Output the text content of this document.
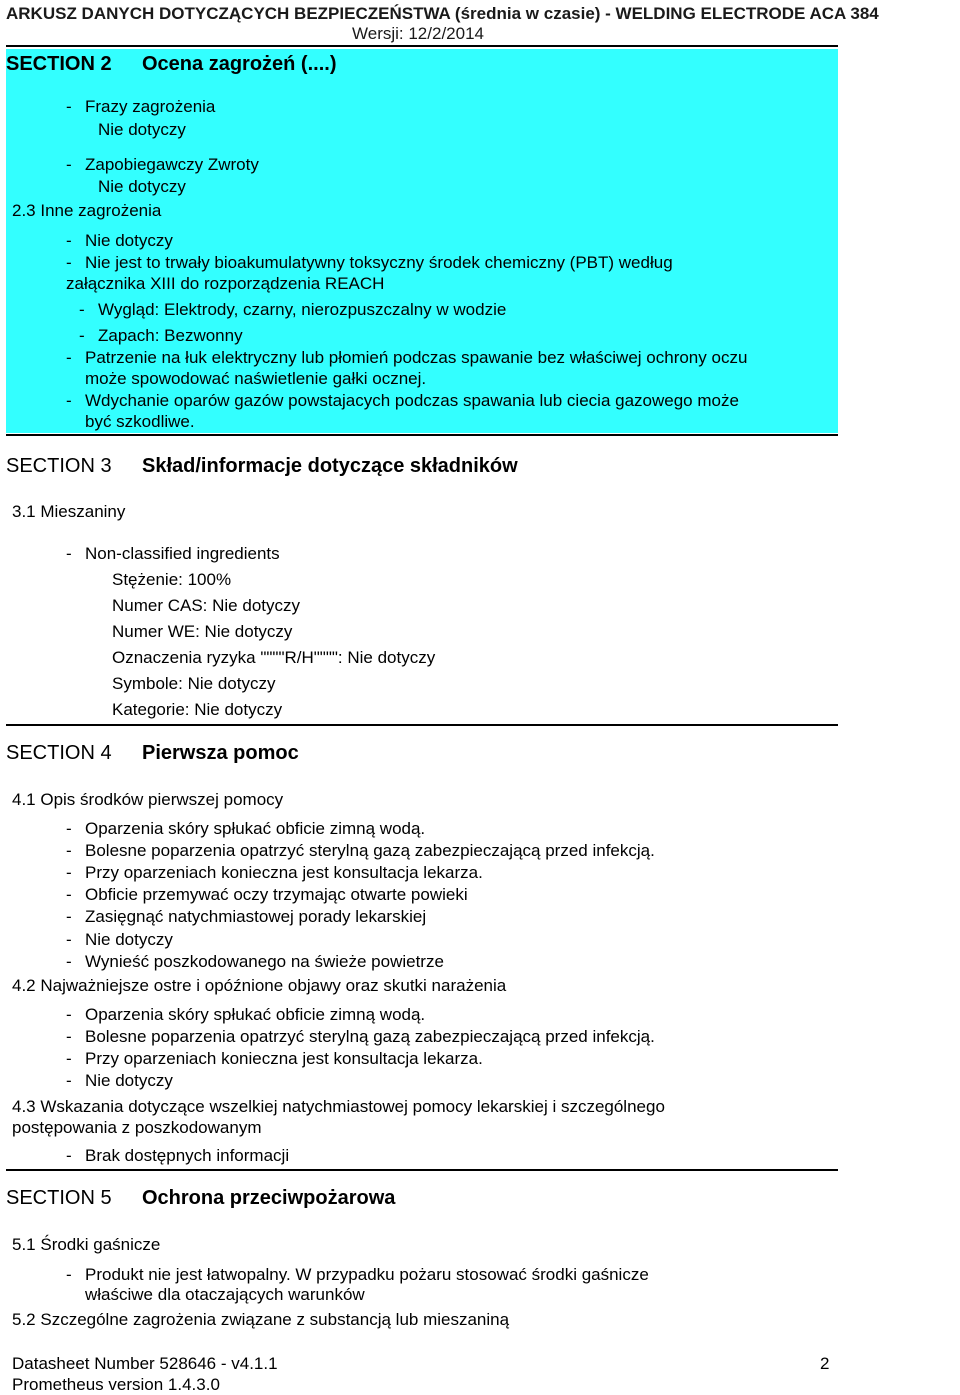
ARKUSZ DANYCH DOTYCZĄCYCH BEZPIECZEŃSTWA (średnia w czasie) - WELDING ELECTRODE ACA 384
Wersji: 12/2/2014
SECTION 2 Ocena zagrożeń (....)
- Frazy zagrożenia
Nie dotyczy
- Zapobiegawczy Zwroty
Nie dotyczy
2.3 Inne zagrożenia
- Nie dotyczy
- Nie jest to trwały bioakumulatywny toksyczny środek chemiczny (PBT) według
załącznika XIII do rozporządzenia REACH
- Wygląd: Elektrody, czarny, nierozpuszczalny w wodzie
- Zapach: Bezwonny
- Patrzenie na łuk elektryczny lub płomień podczas spawanie bez właściwej ochrony oczu
może spowodować naświetlenie gałki ocznej.
- Wdychanie oparów gazów powstajacych podczas spawania lub ciecia gazowego może
być szkodliwe.
SECTION 3 Skład/informacje dotyczące składników
3.1 Mieszaniny
- Non-classified ingredients
Stężenie: 100%
Numer CAS: Nie dotyczy
Numer WE: Nie dotyczy
Oznaczenia ryzyka """"R/H"""": Nie dotyczy
Symbole: Nie dotyczy
Kategorie: Nie dotyczy
SECTION 4 Pierwsza pomoc
4.1 Opis środków pierwszej pomocy
- Oparzenia skóry spłukać obficie zimną wodą.
- Bolesne poparzenia opatrzyć sterylną gazą zabezpieczającą przed infekcją.
- Przy oparzeniach konieczna jest konsultacja lekarza.
- Obficie przemywać oczy trzymając otwarte powieki
- Zasięgnąć natychmiastowej porady lekarskiej
- Nie dotyczy
- Wynieść poszkodowanego na świeże powietrze
4.2 Najważniejsze ostre i opóźnione objawy oraz skutki narażenia
- Oparzenia skóry spłukać obficie zimną wodą.
- Bolesne poparzenia opatrzyć sterylną gazą zabezpieczającą przed infekcją.
- Przy oparzeniach konieczna jest konsultacja lekarza.
- Nie dotyczy
4.3 Wskazania dotyczące wszelkiej natychmiastowej pomocy lekarskiej i szczególnego
postępowania z poszkodowanym
- Brak dostępnych informacji
SECTION 5 Ochrona przeciwpożarowa
5.1 Środki gaśnicze
- Produkt nie jest łatwopalny. W przypadku pożaru stosować środki gaśnicze
właściwe dla otaczających warunków
5.2 Szczególne zagrożenia związane z substancją lub mieszaniną
Datasheet Number 528646 - v4.1.1
Prometheus version 1.4.3.0
2
